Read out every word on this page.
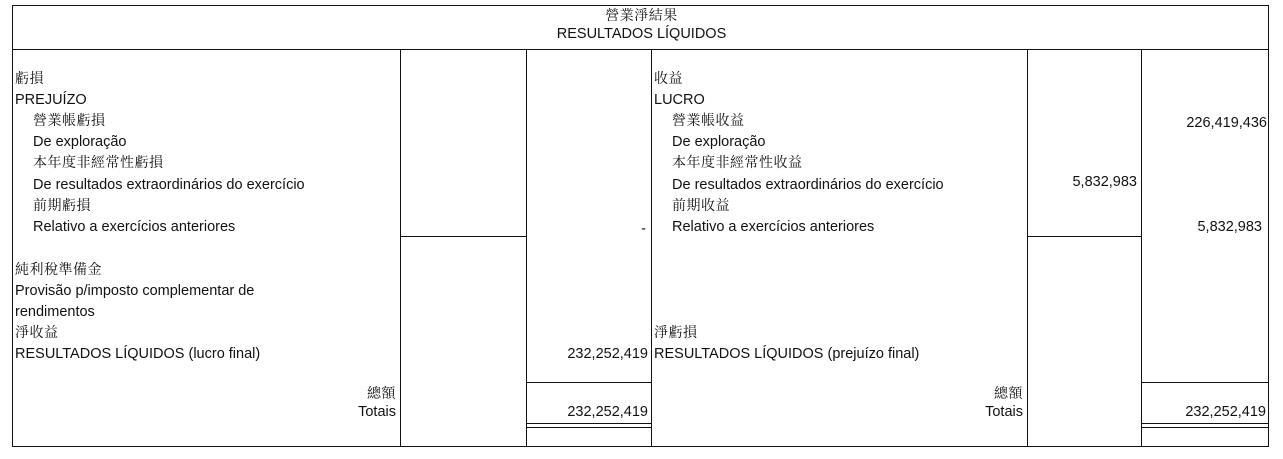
營業淨結果
RESULTADOS LÍQUIDOS
虧損
PREJUÍZO
營業帳虧損
De exploração
本年度非經常性虧損
De resultados extraordinários do exercício
前期虧損
Relativo a exercícios anteriores	-
純利稅準備金
Provisão p/imposto complementar de
rendimentos
淨收益
RESULTADOS LÍQUIDOS (lucro final)	232,252,419
總額
Totais	232,252,419
收益
LUCRO
營業帳收益	226,419,436
De exploração
本年度非經常性收益
De resultados extraordinários do exercício	5,832,983
前期收益
Relativo a exercícios anteriores	5,832,983
淨虧損
RESULTADOS LÍQUIDOS (prejuízo final)
總額
Totais	232,252,419
